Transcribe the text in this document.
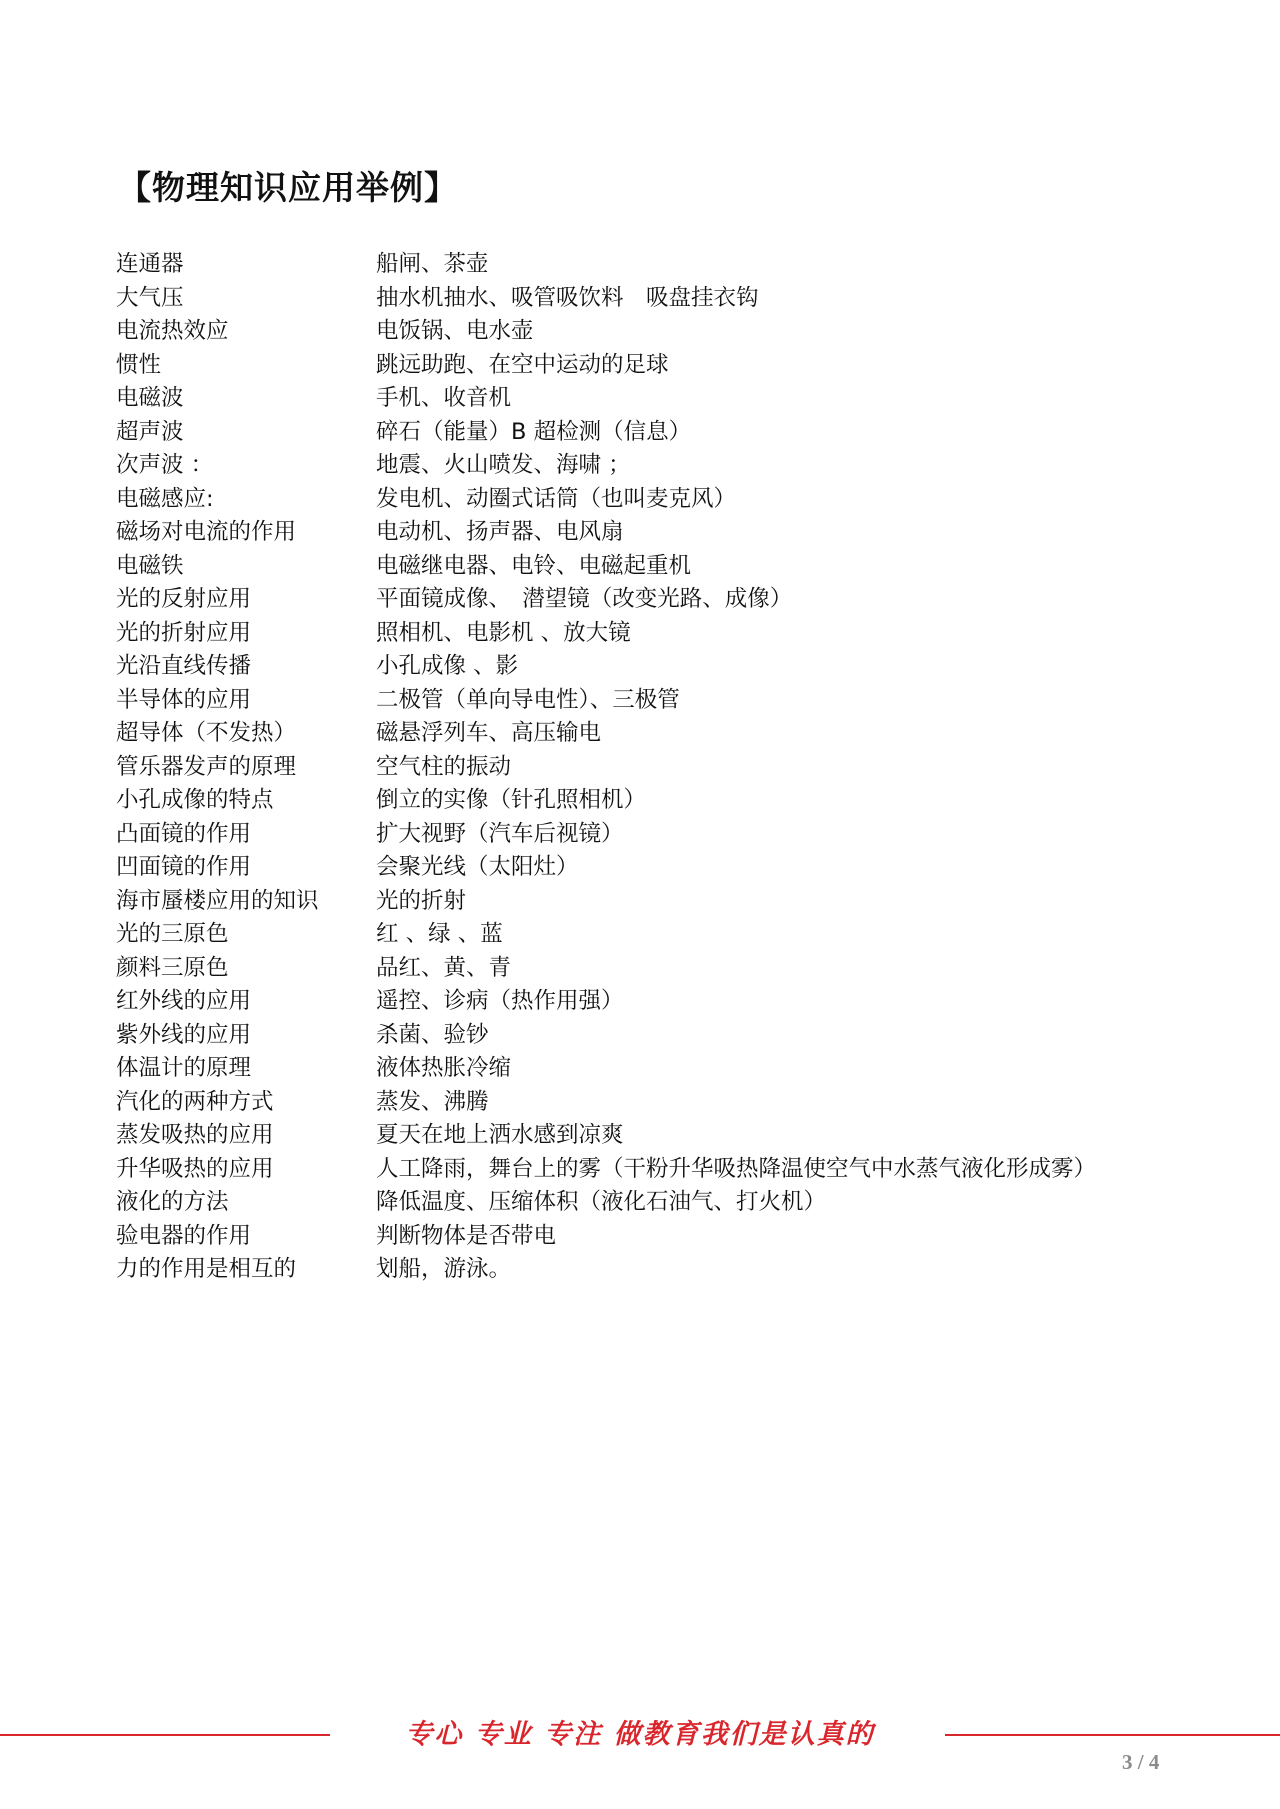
【物理知识应用举例】
连通器	船闸、茶壶
大气压	抽水机抽水、吸管吸饮料　吸盘挂衣钩
电流热效应	电饭锅、电水壶
惯性	跳远助跑、在空中运动的足球
电磁波	手机、收音机
超声波	碎石（能量）B 超检测（信息）
次声波 ：	地震、火山喷发、海啸 ；
电磁感应:	发电机、动圈式话筒（也叫麦克风）
磁场对电流的作用	电动机、扬声器、电风扇
电磁铁	电磁继电器、电铃、电磁起重机
光的反射应用	平面镜成像、　潜望镜（改变光路、成像）
光的折射应用	照相机、电影机 、放大镜
光沿直线传播	小孔成像 、影
半导体的应用	二极管（单向导电性）、三极管
超导体（不发热）	磁悬浮列车、高压输电
管乐器发声的原理	空气柱的振动
小孔成像的特点	倒立的实像（针孔照相机）
凸面镜的作用	扩大视野（汽车后视镜）
凹面镜的作用	会聚光线（太阳灶）
海市蜃楼应用的知识	光的折射
光的三原色	红 、绿 、蓝
颜料三原色	品红、黄、青
红外线的应用	遥控、诊病（热作用强）
紫外线的应用	杀菌、验钞
体温计的原理	液体热胀冷缩
汽化的两种方式	蒸发、沸腾
蒸发吸热的应用	夏天在地上洒水感到凉爽
升华吸热的应用	人工降雨，舞台上的雾（干粉升华吸热降温使空气中水蒸气液化形成雾）
液化的方法	降低温度、压缩体积（液化石油气、打火机）
验电器的作用	判断物体是否带电
力的作用是相互的	划船，游泳。
专心 专业 专注 做教育我们是认真的
3 / 4
